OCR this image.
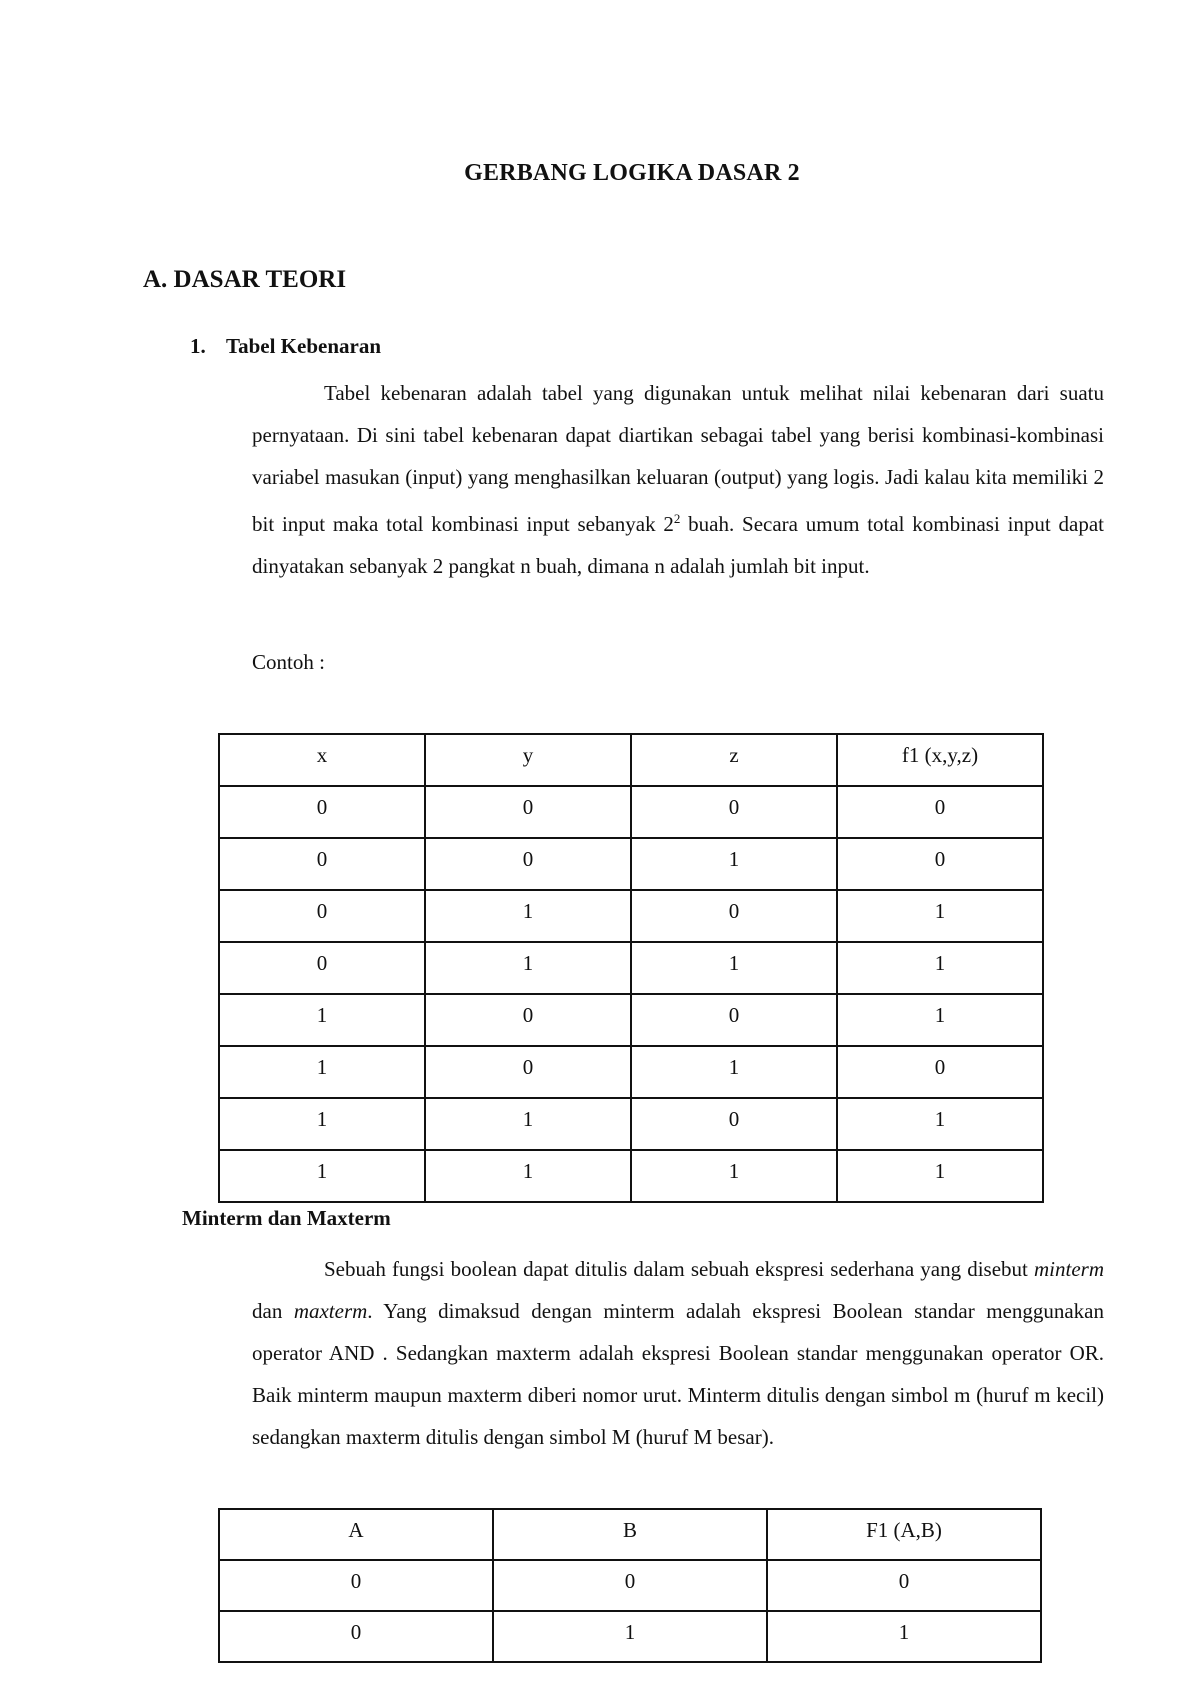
GERBANG LOGIKA DASAR 2
A. DASAR TEORI
1. Tabel Kebenaran
Tabel kebenaran adalah tabel yang digunakan untuk melihat nilai kebenaran dari suatu pernyataan. Di sini tabel kebenaran dapat diartikan sebagai tabel yang berisi kombinasi-kombinasi variabel masukan (input) yang menghasilkan keluaran (output) yang logis. Jadi kalau kita memiliki 2 bit input maka total kombinasi input sebanyak $2^2$ buah. Secara umum total kombinasi input dapat dinyatakan sebanyak 2 pangkat n buah, dimana n adalah jumlah bit input.
Contoh :
x	y	z	f1 (x,y,z)
0	0	0	0
0	0	1	0
0	1	0	1
0	1	1	1
1	0	0	1
1	0	1	0
1	1	0	1
1	1	1	1
Minterm dan Maxterm
Sebuah fungsi boolean dapat ditulis dalam sebuah ekspresi sederhana yang disebut minterm dan maxterm. Yang dimaksud dengan minterm adalah ekspresi Boolean standar menggunakan operator AND . Sedangkan maxterm adalah ekspresi Boolean standar menggunakan operator OR. Baik minterm maupun maxterm diberi nomor urut. Minterm ditulis dengan simbol m (huruf m kecil) sedangkan maxterm ditulis dengan simbol M (huruf M besar).
A	B	F1 (A,B)
0	0	0
0	1	1
